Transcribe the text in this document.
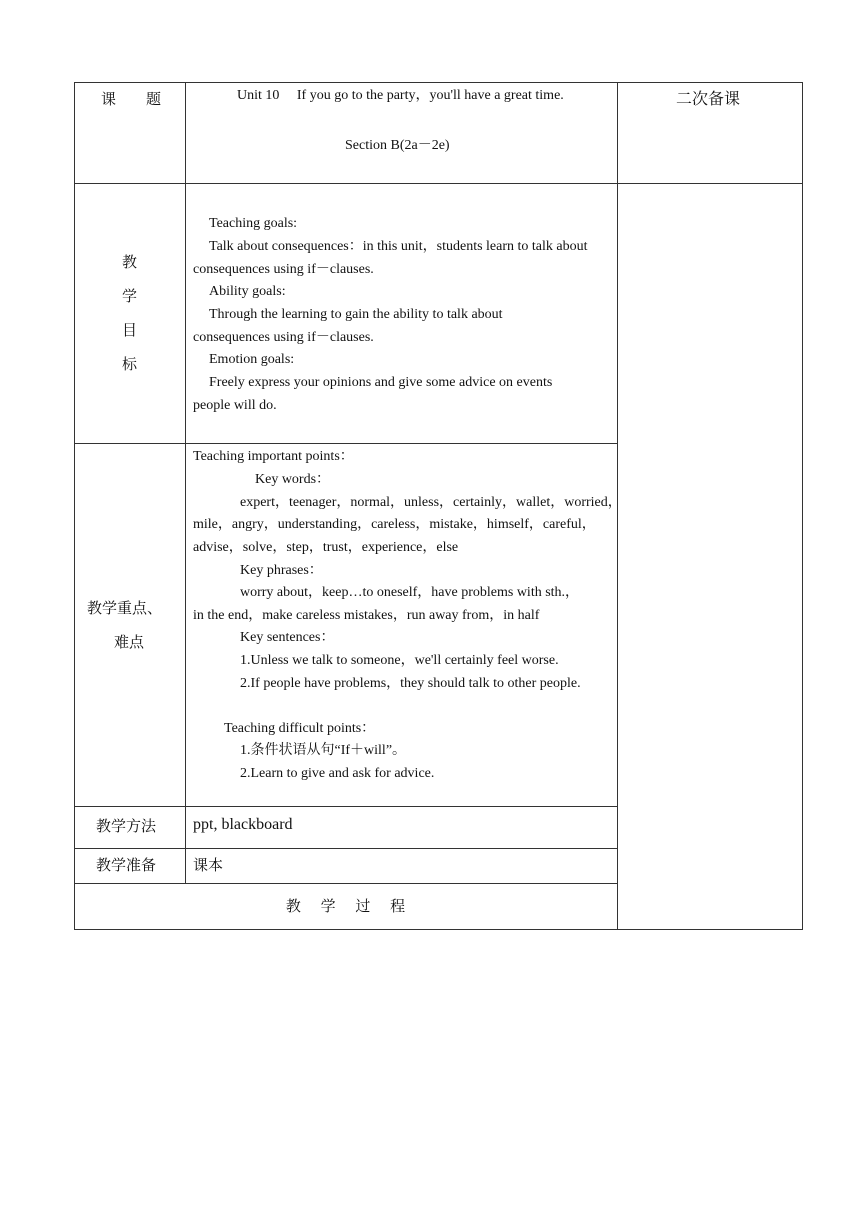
课　　题	Unit 10　 If you go to the party，you'll have a great time.
Section B(2a－2e)
二次备课
教
学
目
标
Teaching goals:
Talk about consequences：in this unit，students learn to talk about
consequences using if－clauses.
Ability goals:
Through the learning to gain the ability to talk about
consequences using if－clauses.
Emotion goals:
Freely express your opinions and give some advice on events
people will do.
教学重点、
难点
Teaching important points：
Key words：
expert，teenager，normal，unless，certainly，wallet，worried，
mile，angry，understanding，careless，mistake，himself，careful，
advise，solve，step，trust，experience，else
Key phrases：
worry about，keep…to oneself，have problems with sth.，
in the end，make careless mistakes，run away from，in half
Key sentences：
1.Unless we talk to someone，we'll certainly feel worse.
2.If people have problems，they should talk to other people.
Teaching difficult points：
1.条件状语从句“If＋will”。
2.Learn to give and ask for advice.
教学方法 ppt, blackboard
教学准备 课本
教　 学　 过　 程
